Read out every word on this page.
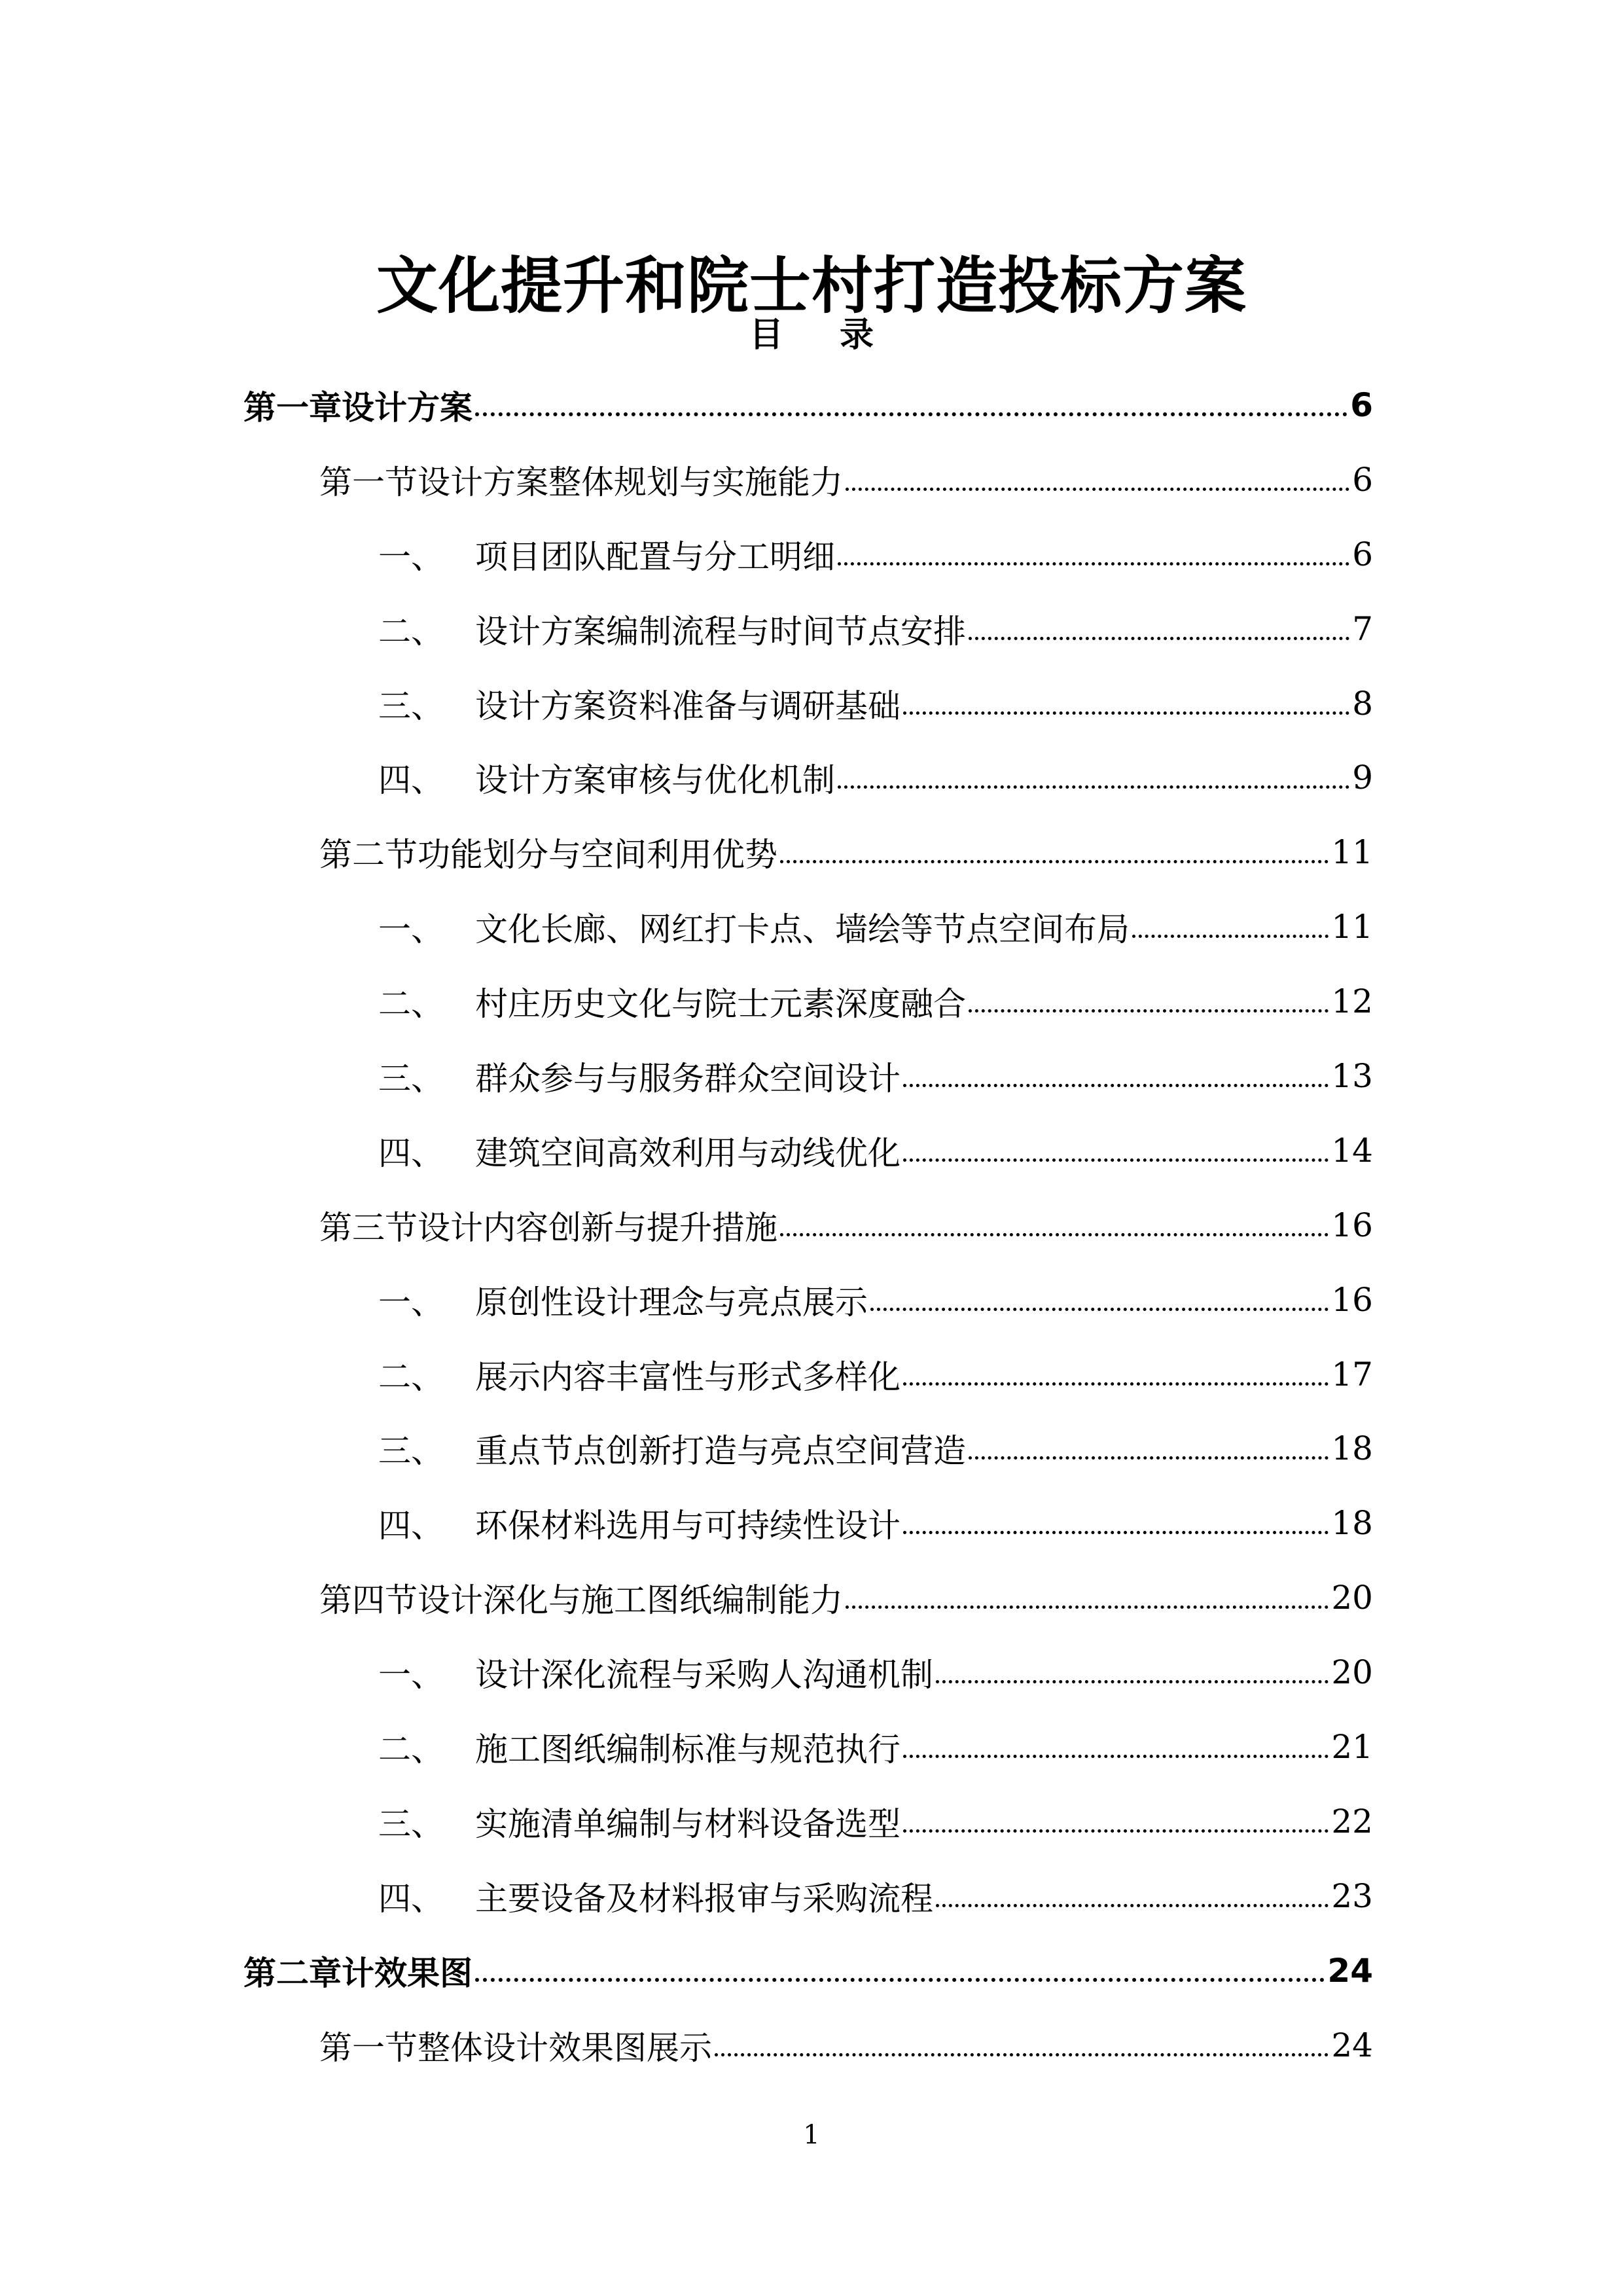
文化提升和院士村打造投标方案
目 录
第一章 设计方案	6
第一节 设计方案整体规划与实施能力	6
一、 项目团队配置与分工明细	6
二、 设计方案编制流程与时间节点安排	7
三、 设计方案资料准备与调研基础	8
四、 设计方案审核与优化机制	9
第二节 功能划分与空间利用优势	11
一、 文化长廊、网红打卡点、墙绘等节点空间布局	11
二、 村庄历史文化与院士元素深度融合	12
三、 群众参与与服务群众空间设计	13
四、 建筑空间高效利用与动线优化	14
第三节 设计内容创新与提升措施	16
一、 原创性设计理念与亮点展示	16
二、 展示内容丰富性与形式多样化	17
三、 重点节点创新打造与亮点空间营造	18
四、 环保材料选用与可持续性设计	18
第四节 设计深化与施工图纸编制能力	20
一、 设计深化流程与采购人沟通机制	20
二、 施工图纸编制标准与规范执行	21
三、 实施清单编制与材料设备选型	22
四、 主要设备及材料报审与采购流程	23
第二章 计效果图	24
第一节 整体设计效果图展示	24
1
